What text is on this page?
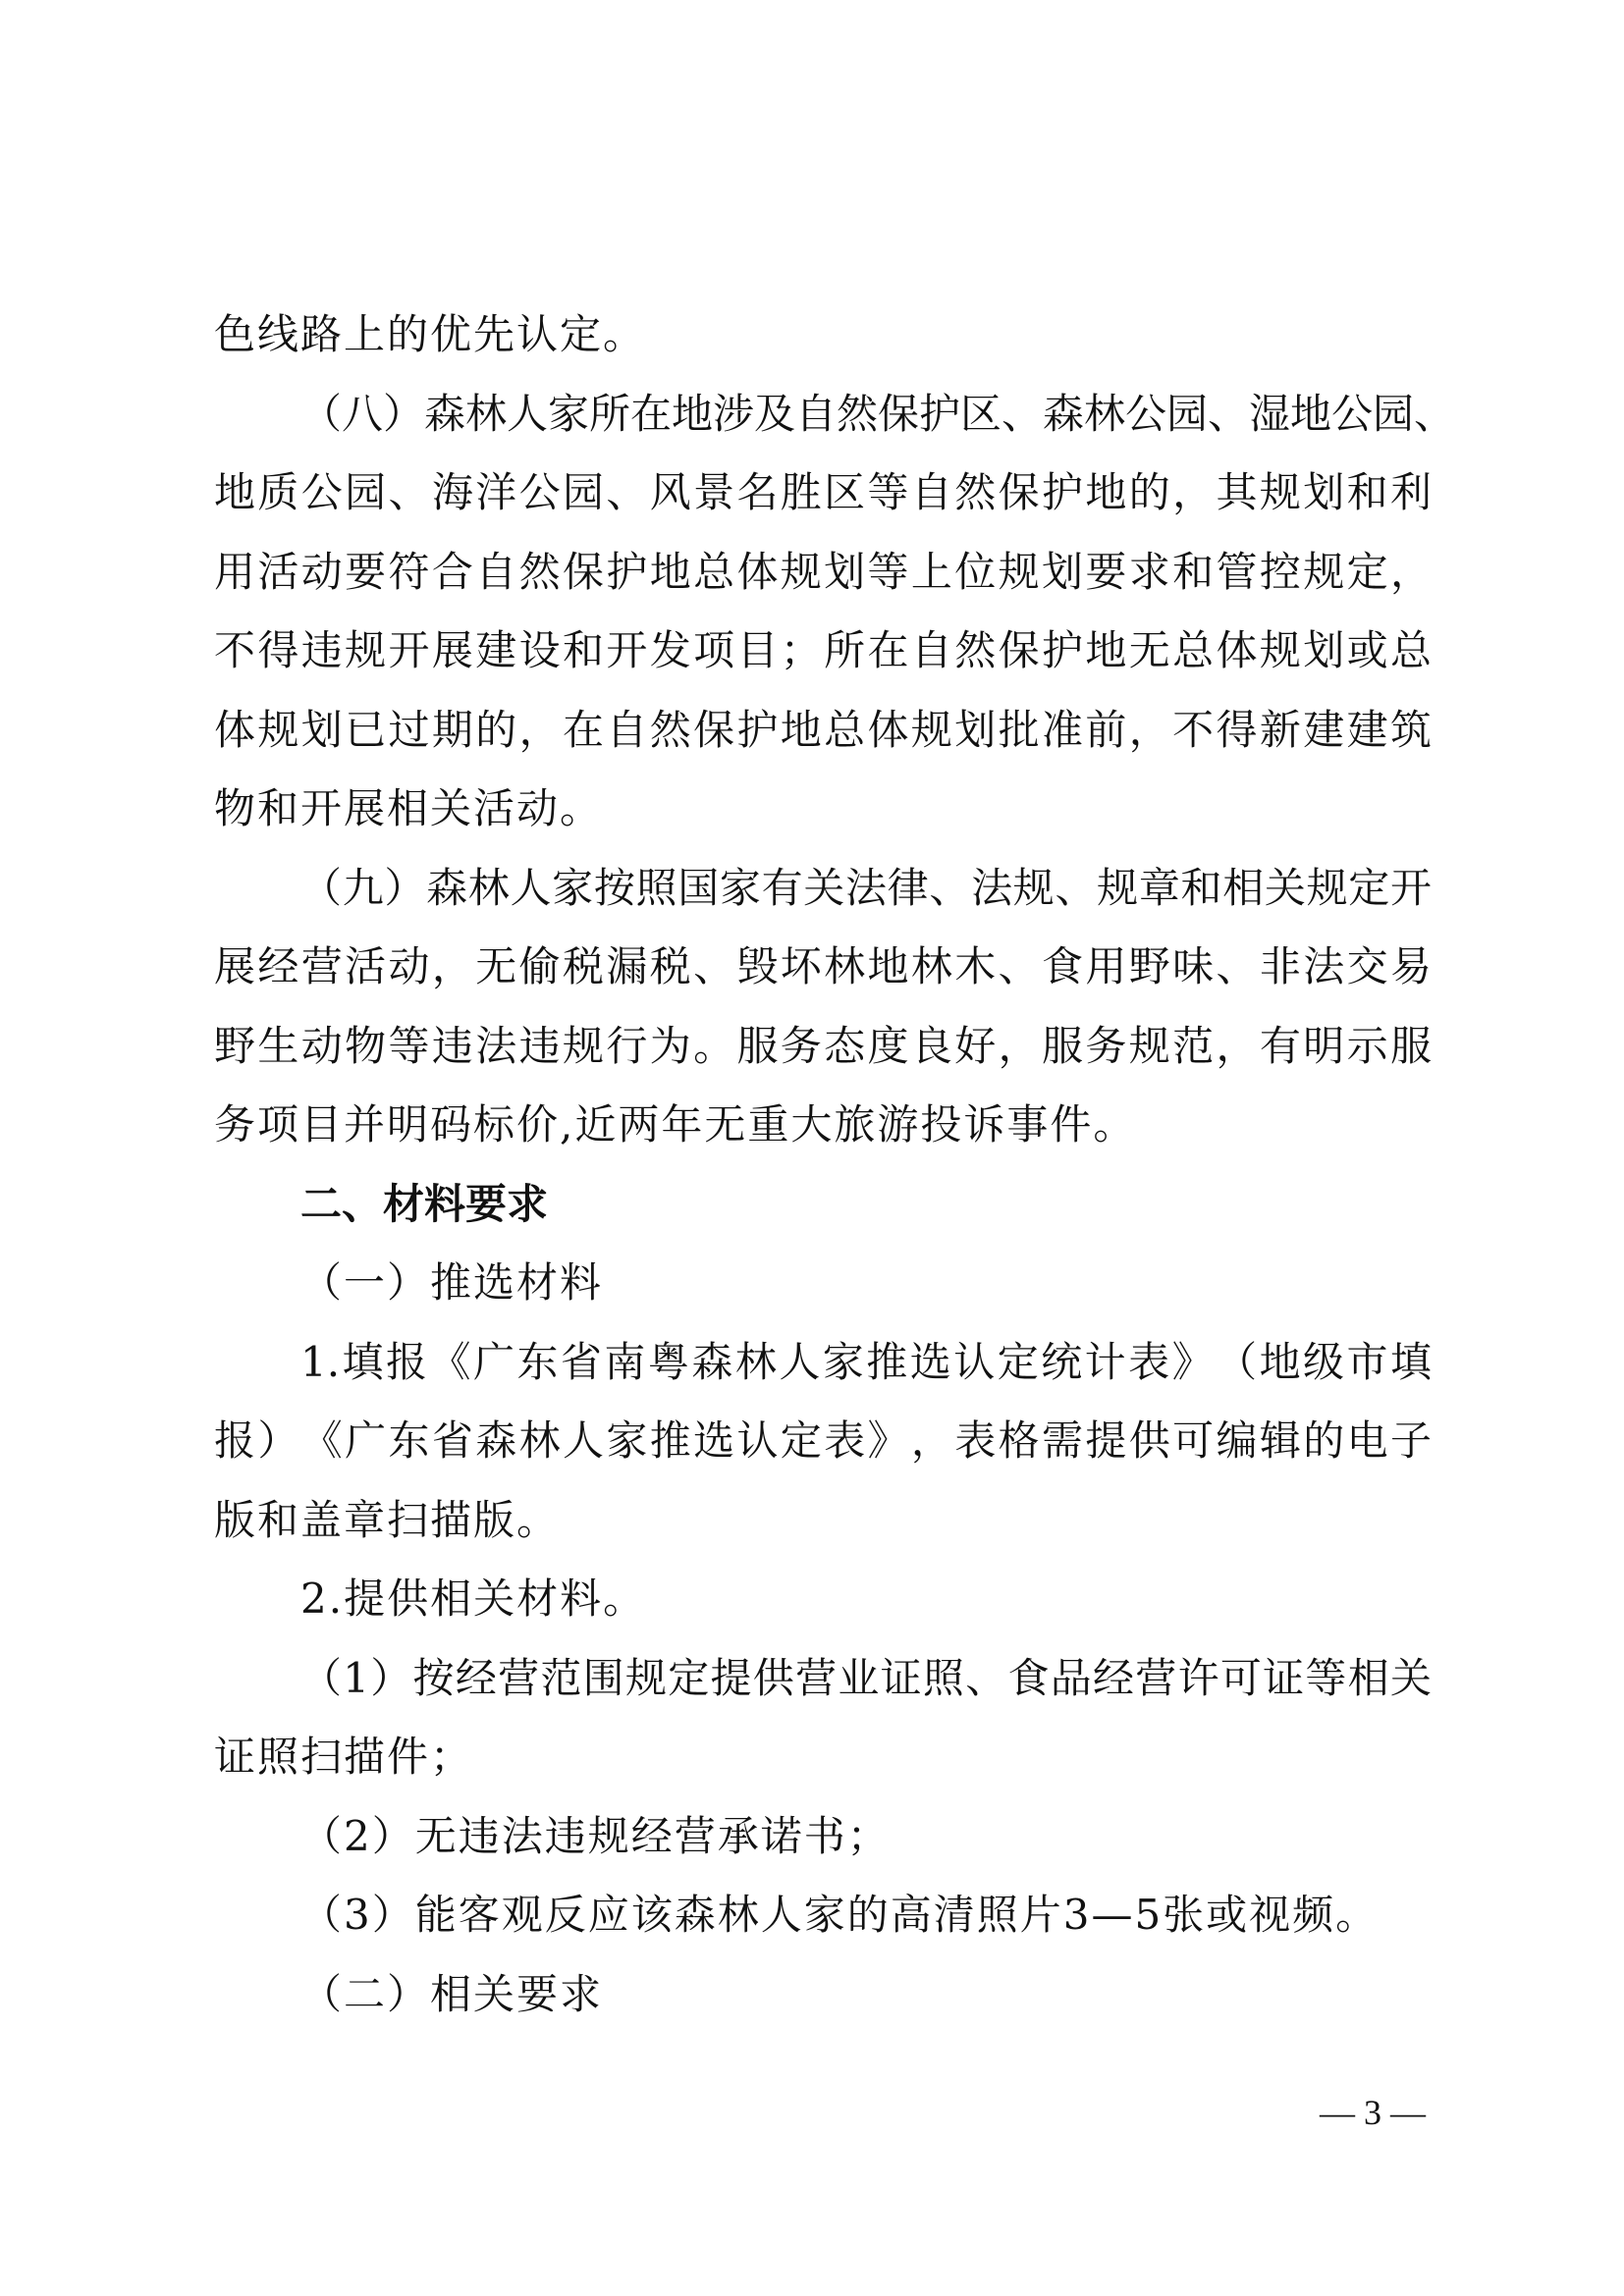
色线路上的优先认定。
（​八​）​森​林​人​家​所​在​地​涉​及​自​然​保​护​区​、​森​林​公​园​、​湿​地​公​园​、
地​质​公​园​、​海​洋​公​园​、​风​景​名​胜​区​等​自​然​保​护​地​的​，​其​规​划​和​利
用​活​动​要​符​合​自​然​保​护​地​总​体​规​划​等​上​位​规​划​要​求​和​管​控​规​定​，
不​得​违​规​开​展​建​设​和​开​发​项​目​；​所​在​自​然​保​护​地​无​总​体​规​划​或​总
体​规​划​已​过​期​的​，​在​自​然​保​护​地​总​体​规​划​批​准​前​，​不​得​新​建​建​筑
物和开展相关活动。
（​九​）​森​林​人​家​按​照​国​家​有​关​法​律​、​法​规​、​规​章​和​相​关​规​定​开
展​经​营​活​动​，​无​偷​税​漏​税​、​毁​坏​林​地​林​木​、​食​用​野​味​、​非​法​交​易
野​生​动​物​等​违​法​违​规​行​为​。​服​务​态​度​良​好​，​服​务​规​范​，​有​明​示​服
务项目并明码标价,近两年无重大旅游投诉事件。
二、材料要求
（一）推选材料
1​.​填​报​《​广​东​省​南​粤​森​林​人​家​推​选​认​定​统​计​表​》​（​地​级​市​填
报​）​《​广​东​省​森​林​人​家​推​选​认​定​表​》​，​表​格​需​提​供​可​编​辑​的​电​子
版和盖章扫描版。
2.提供相关材料。
（​1​）​按​经​营​范​围​规​定​提​供​营​业​证​照​、​食​品​经​营​许​可​证​等​相​关
证照扫描件；
（2）无违法违规经营承诺书；
（3）能客观反应该森林人家的高清照片3—5张或视频。
（二）相关要求
— 3 —
